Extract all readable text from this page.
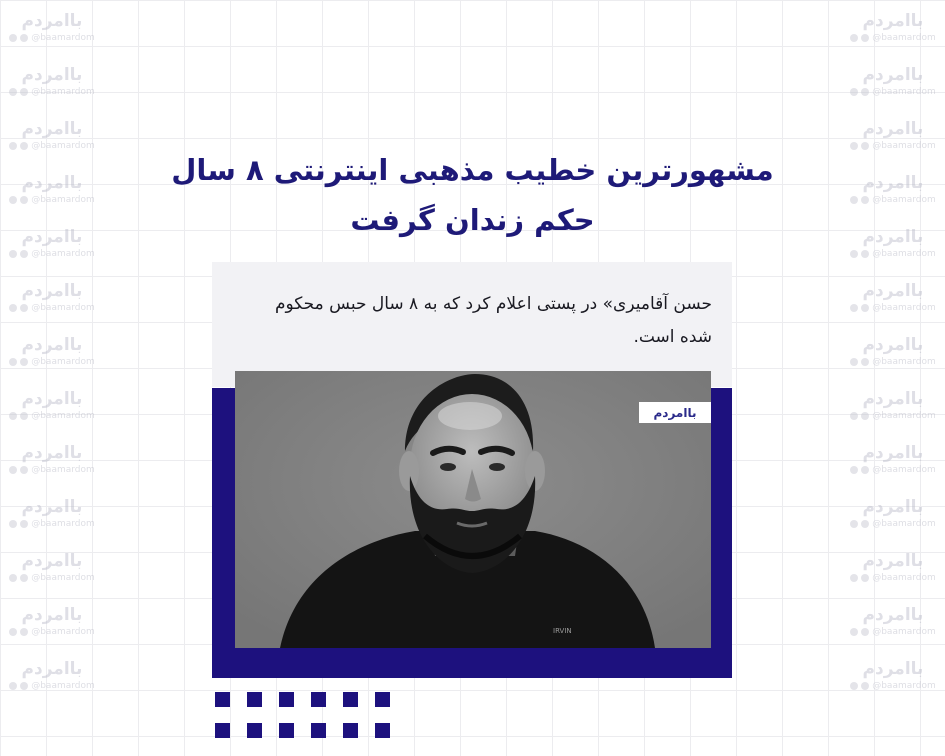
باامردم
@baamardom
باامردم
@baamardom
باامردم
@baamardom
باامردم
@baamardom
باامردم
@baamardom
باامردم
@baamardom
باامردم
@baamardom
باامردم
@baamardom
باامردم
@baamardom
باامردم
@baamardom
باامردم
@baamardom
باامردم
@baamardom
باامردم
@baamardom
باامردم
@baamardom
باامردم
@baamardom
باامردم
@baamardom
باامردم
@baamardom
باامردم
@baamardom
باامردم
@baamardom
باامردم
@baamardom
باامردم
@baamardom
باامردم
@baamardom
باامردم
@baamardom
باامردم
@baamardom
باامردم
@baamardom
باامردم
@baamardom
مشهورترین خطیب مذهبی اینترنتی ۸ سال
حکم زندان گرفت
حسن آقامیری» در پستی اعلام کرد که به ۸ سال حبس محکوم
شده است.
IRVIN
باامردم
